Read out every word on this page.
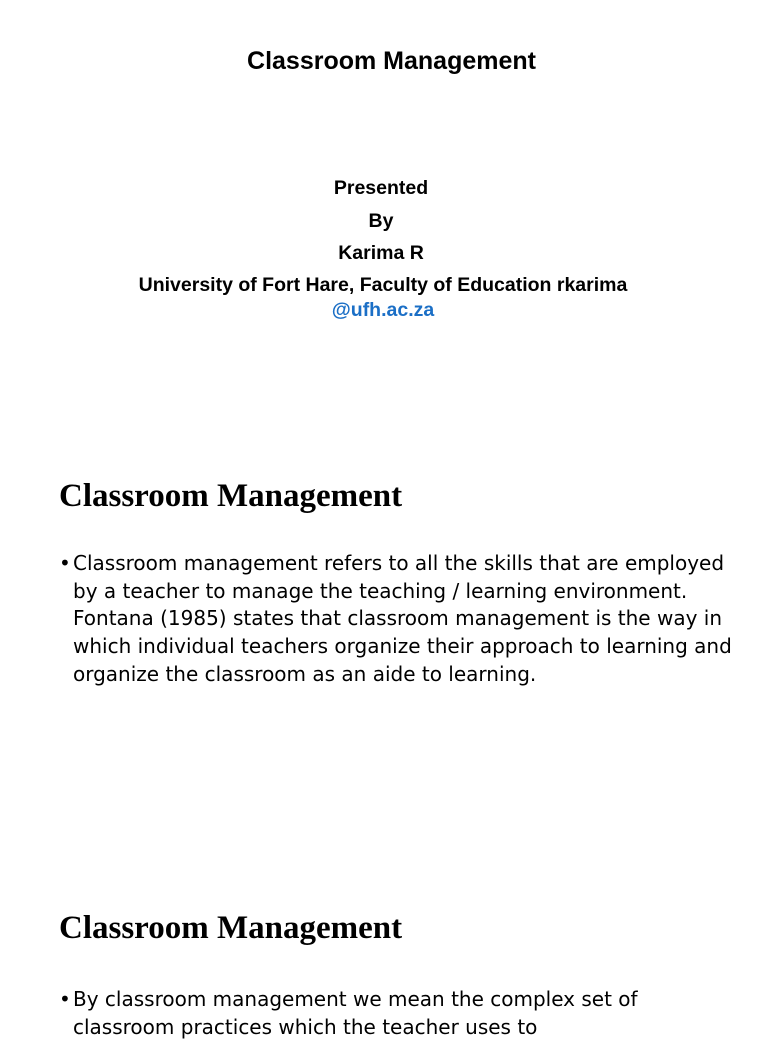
Classroom Management

Presented

By

Karima R

University of Fort Hare, Faculty of Education rkarima

@ufh.ac.za

Classroom Management

• Classroom management refers to all the skills that are employed by a teacher to manage the teaching / learning environment. Fontana (1985) states that classroom management is the way in which individual teachers organize their approach to learning and organize the classroom as an aide to learning.

Classroom Management

• By classroom management we mean the complex set of classroom practices which the teacher uses to
